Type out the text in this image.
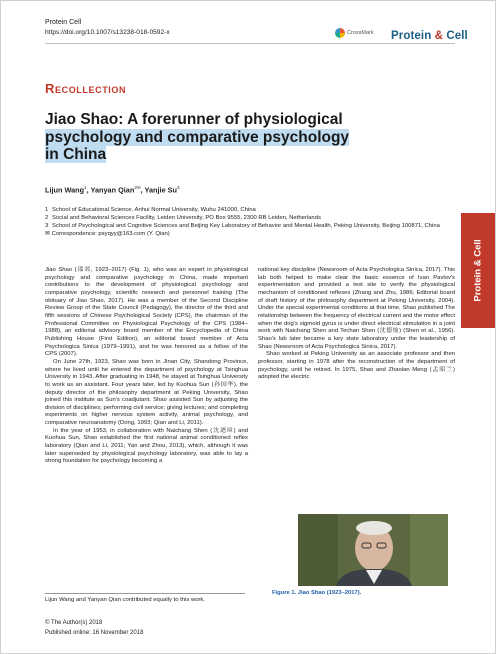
Protein Cell
https://doi.org/10.1007/s13238-018-0592-x	CrossMark Protein & Cell
Recollection
Jiao Shao: A forerunner of physiological
psychology and comparative psychology
in China
Lijun Wang$^1$, Yanyan Qian$^{2✉}$, Yanjie Su$^3$
1 School of Educational Science, Anhui Normal University, Wuhu 241000, China
2 Social and Behavioral Sciences Facility, Leiden University, PO Box 9555, 2300 RB Leiden, Netherlands
3 School of Psychological and Cognitive Sciences and Beijing Key Laboratory of Behavior and Mental Health, Peking University, Beijing 100871, China
✉ Correspondence: psyqyy@163.com (Y. Qian)
Protein & Cell

Jiao Shao (邵郊, 1923–2017) (Fig. 1), who was an expert in physiological psychology and comparative psychology in China, made important contributions to the development of physiological psychology and comparative psychology, scientific research and personnel training (The obituary of Jiao Shao, 2017). He was a member of the Second Discipline Review Group of the State Council (Pedagogy), the director of the third and fifth sessions of Chinese Psychological Society (CPS), the chairman of the Professional Committee on Physiological Psychology of the CPS (1984–1988), an editorial advisory board member of the Encyclopedia of China Publishing House (First Edition), an editorial board member of Acta Psychologica Sinica (1979–1991), and he was honored as a fellow of the CPS (2007).

On June 27th, 1923, Shao was born in Jinan City, Shandong Province, where he lived until he entered the department of psychology at Tsinghua University in 1943. After graduating in 1948, he stayed at Tsinghua University to work as an assistant. Four years later, led by Kuohua Sun (孙国华), the deputy director of the philosophy department at Peking University, Shao joined this institute as Sun's coadjutant. Shao assisted Sun by adjusting the division of disciplines; performing civil service; giving lectures; and completing experiments on higher nervous system activity, animal psychology, and comparative neuroanatomy (Dong, 1993; Qian and Li, 2011).

In the year of 1953, in collaboration with Naichang Shen (沈迺璋) and Kuohua Sun, Shao established the first national animal conditioned reflex laboratory (Qian and Li, 2011; Yan and Zhou, 2013), which, although it was later superseded by physiological psychology laboratory, was able to lay a strong foundation for psychology becoming a

national key discipline (Newsroom of Acta Psychologica Sinica, 2017). This lab both helped to make clear the basic essence of Ivan Pavlov's experimentation and provided a test site to verify the physiological mechanism of conditioned reflexes (Zhang and Zhu, 1986; Editorial board of draft history of the philosophy department at Peking University, 2004). Under the special experimental conditions at that time, Shao published The relationship between the frequency of electrical current and the motor effect when the dog's sigmoid gyrus is under direct electrical stimulation in a joint work with Naichang Shen and Techan Shen (沈德灿) (Shen et al., 1956). Shao's lab later became a key state laboratory under the leadership of Shao (Newsroom of Acta Psychologica Sinica, 2017).

Shao worked at Peking University as an associate professor and then professor, starting in 1978 after the reconstruction of the department of psychology, until he retired. In 1975, Shao and Zhaolan Meng (孟昭兰) adopted the electric

Figure 1. Jiao Shao (1923–2017).
Lijun Wang and Yanyan Qian contributed equally to this work.
© The Author(s) 2018
Published online: 16 November 2018
